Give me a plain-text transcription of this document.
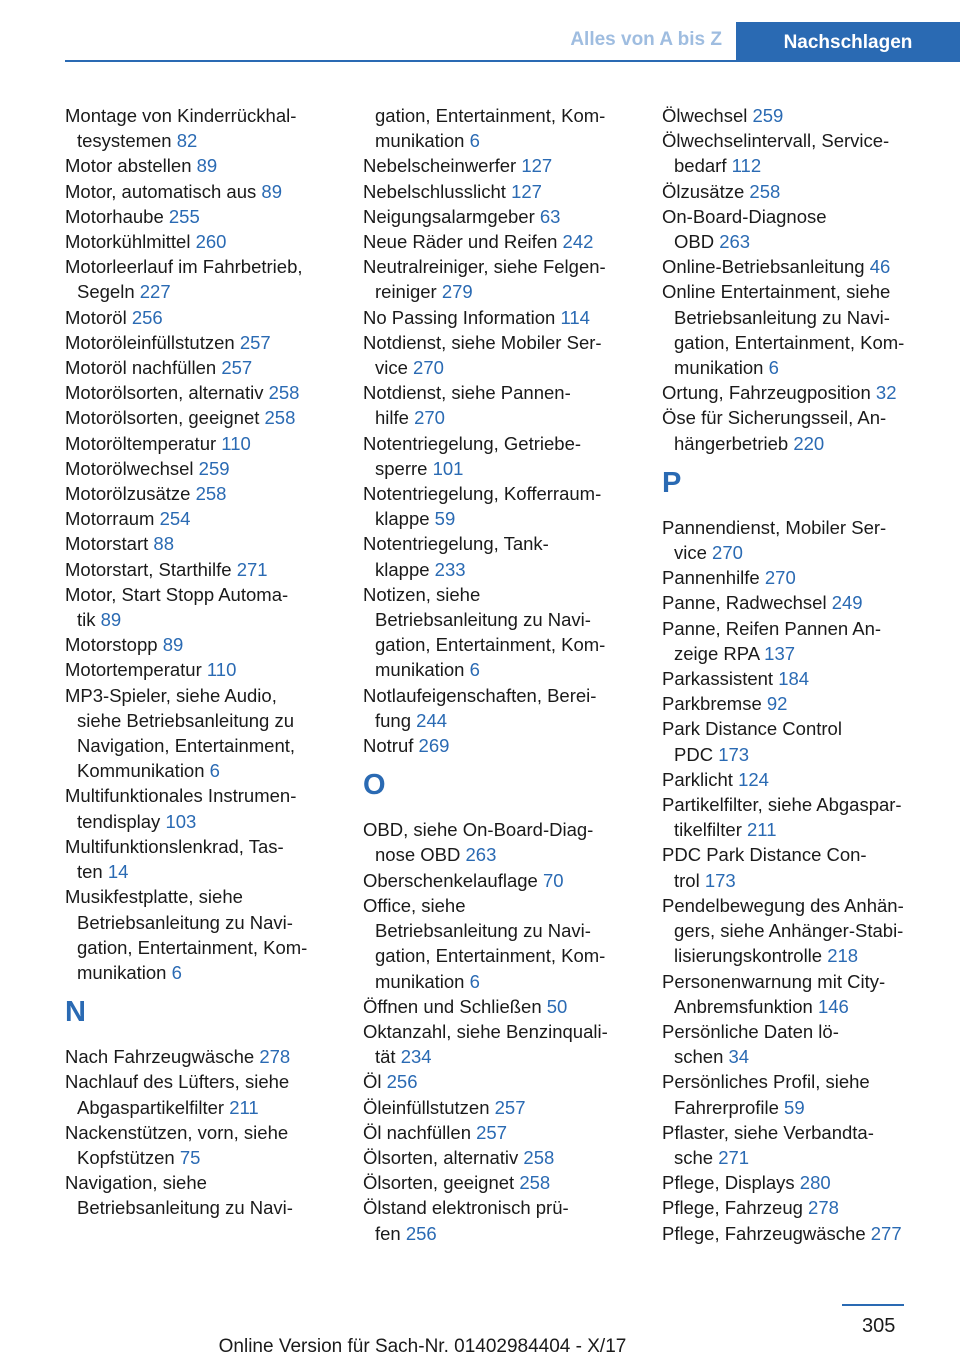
Alles von A bis Z	Nachschlagen
Montage von Kinderrückhal-
tesystemen 82
Motor abstellen 89
Motor, automatisch aus 89
Motorhaube 255
Motorkühlmittel 260
Motorleerlauf im Fahrbetrieb,
Segeln 227
Motoröl 256
Motoröleinfüllstutzen 257
Motoröl nachfüllen 257
Motorölsorten, alternativ 258
Motorölsorten, geeignet 258
Motoröltemperatur 110
Motorölwechsel 259
Motorölzusätze 258
Motorraum 254
Motorstart 88
Motorstart, Starthilfe 271
Motor, Start Stopp Automa-
tik 89
Motorstopp 89
Motortemperatur 110
MP3-Spieler, siehe Audio,
siehe Betriebsanleitung zu
Navigation, Entertainment,
Kommunikation 6
Multifunktionales Instrumen-
tendisplay 103
Multifunktionslenkrad, Tas-
ten 14
Musikfestplatte, siehe
Betriebsanleitung zu Navi-
gation, Entertainment, Kom-
munikation 6
N
Nach Fahrzeugwäsche 278
Nachlauf des Lüfters, siehe
Abgaspartikelfilter 211
Nackenstützen, vorn, siehe
Kopfstützen 75
Navigation, siehe
Betriebsanleitung zu Navi-
gation, Entertainment, Kom-
munikation 6
Nebelscheinwerfer 127
Nebelschlusslicht 127
Neigungsalarmgeber 63
Neue Räder und Reifen 242
Neutralreiniger, siehe Felgen-
reiniger 279
No Passing Information 114
Notdienst, siehe Mobiler Ser-
vice 270
Notdienst, siehe Pannen-
hilfe 270
Notentriegelung, Getriebe-
sperre 101
Notentriegelung, Kofferraum-
klappe 59
Notentriegelung, Tank-
klappe 233
Notizen, siehe
Betriebsanleitung zu Navi-
gation, Entertainment, Kom-
munikation 6
Notlaufeigenschaften, Berei-
fung 244
Notruf 269
O
OBD, siehe On-Board-Diag-
nose OBD 263
Oberschenkelauflage 70
Office, siehe
Betriebsanleitung zu Navi-
gation, Entertainment, Kom-
munikation 6
Öffnen und Schließen 50
Oktanzahl, siehe Benzinquali-
tät 234
Öl 256
Öleinfüllstutzen 257
Öl nachfüllen 257
Ölsorten, alternativ 258
Ölsorten, geeignet 258
Ölstand elektronisch prü-
fen 256
Ölwechsel 259
Ölwechselintervall, Service-
bedarf 112
Ölzusätze 258
On-Board-Diagnose
OBD 263
Online-Betriebsanleitung 46
Online Entertainment, siehe
Betriebsanleitung zu Navi-
gation, Entertainment, Kom-
munikation 6
Ortung, Fahrzeugposition 32
Öse für Sicherungsseil, An-
hängerbetrieb 220
P
Pannendienst, Mobiler Ser-
vice 270
Pannenhilfe 270
Panne, Radwechsel 249
Panne, Reifen Pannen An-
zeige RPA 137
Parkassistent 184
Parkbremse 92
Park Distance Control
PDC 173
Parklicht 124
Partikelfilter, siehe Abgaspar-
tikelfilter 211
PDC Park Distance Con-
trol 173
Pendelbewegung des Anhän-
gers, siehe Anhänger-Stabi-
lisierungskontrolle 218
Personenwarnung mit City-
Anbremsfunktion 146
Persönliche Daten lö-
schen 34
Persönliches Profil, siehe
Fahrerprofile 59
Pflaster, siehe Verbandta-
sche 271
Pflege, Displays 280
Pflege, Fahrzeug 278
Pflege, Fahrzeugwäsche 277
305
Online Version für Sach-Nr. 01402984404 - X/17
